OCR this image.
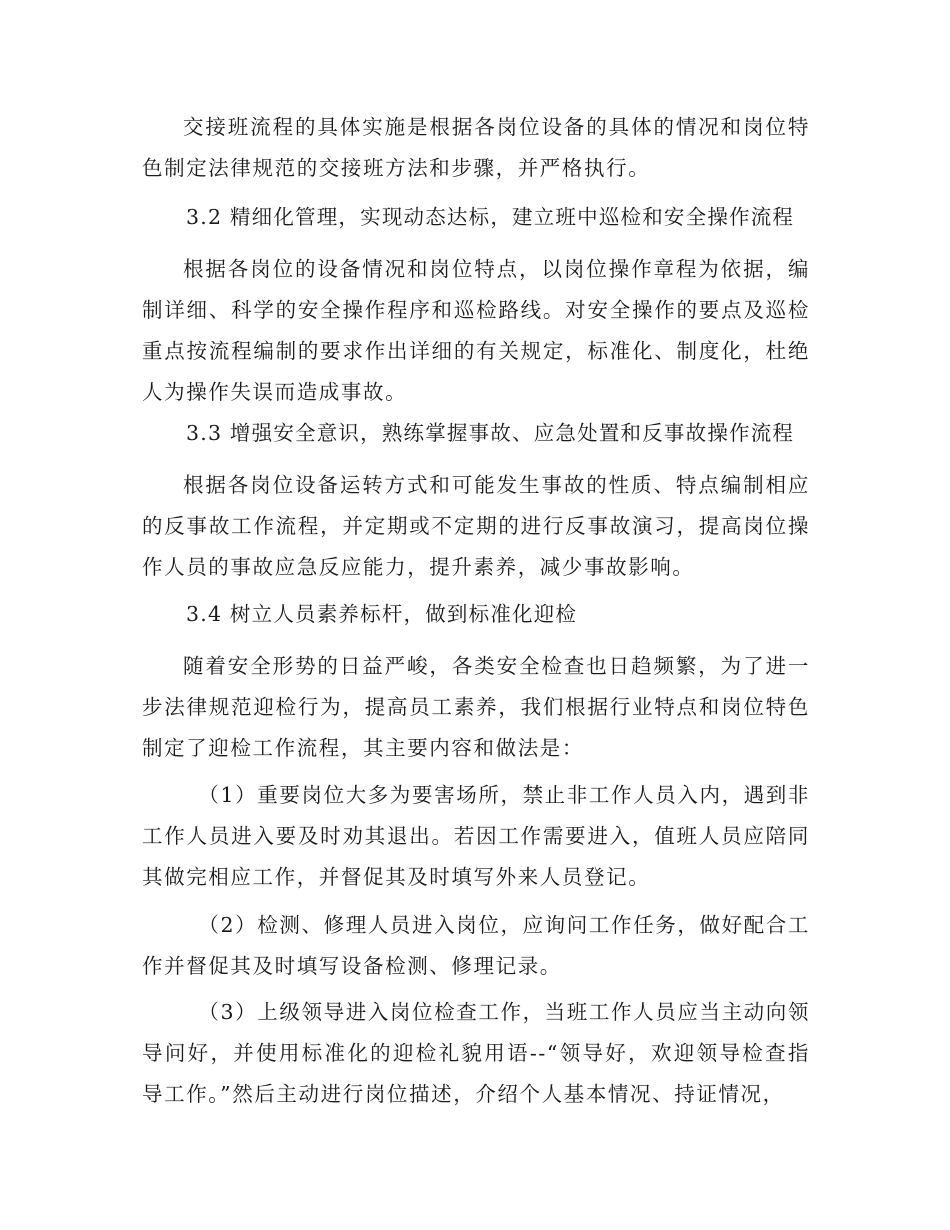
交接班流程的具体实施是根据各岗位设备的具体的情况和岗位特色制定法律规范的交接班方法和步骤，并严格执行。

3.2 精细化管理，实现动态达标，建立班中巡检和安全操作流程

根据各岗位的设备情况和岗位特点，以岗位操作章程为依据，编制详细、科学的安全操作程序和巡检路线。对安全操作的要点及巡检重点按流程编制的要求作出详细的有关规定，标准化、制度化，杜绝人为操作失误而造成事故。

3.3 增强安全意识，熟练掌握事故、应急处置和反事故操作流程

根据各岗位设备运转方式和可能发生事故的性质、特点编制相应的反事故工作流程，并定期或不定期的进行反事故演习，提高岗位操作人员的事故应急反应能力，提升素养，减少事故影响。

3.4 树立人员素养标杆，做到标准化迎检

随着安全形势的日益严峻，各类安全检查也日趋频繁，为了进一步法律规范迎检行为，提高员工素养，我们根据行业特点和岗位特色制定了迎检工作流程，其主要内容和做法是：

（1）重要岗位大多为要害场所，禁止非工作人员入内，遇到非工作人员进入要及时劝其退出。若因工作需要进入，值班人员应陪同其做完相应工作，并督促其及时填写外来人员登记。

（2）检测、修理人员进入岗位，应询问工作任务，做好配合工作并督促其及时填写设备检测、修理记录。

（3）上级领导进入岗位检查工作，当班工作人员应当主动向领导问好，并使用标准化的迎检礼貌用语--“领导好，欢迎领导检查指导工作。”然后主动进行岗位描述，介绍个人基本情况、持证情况，
